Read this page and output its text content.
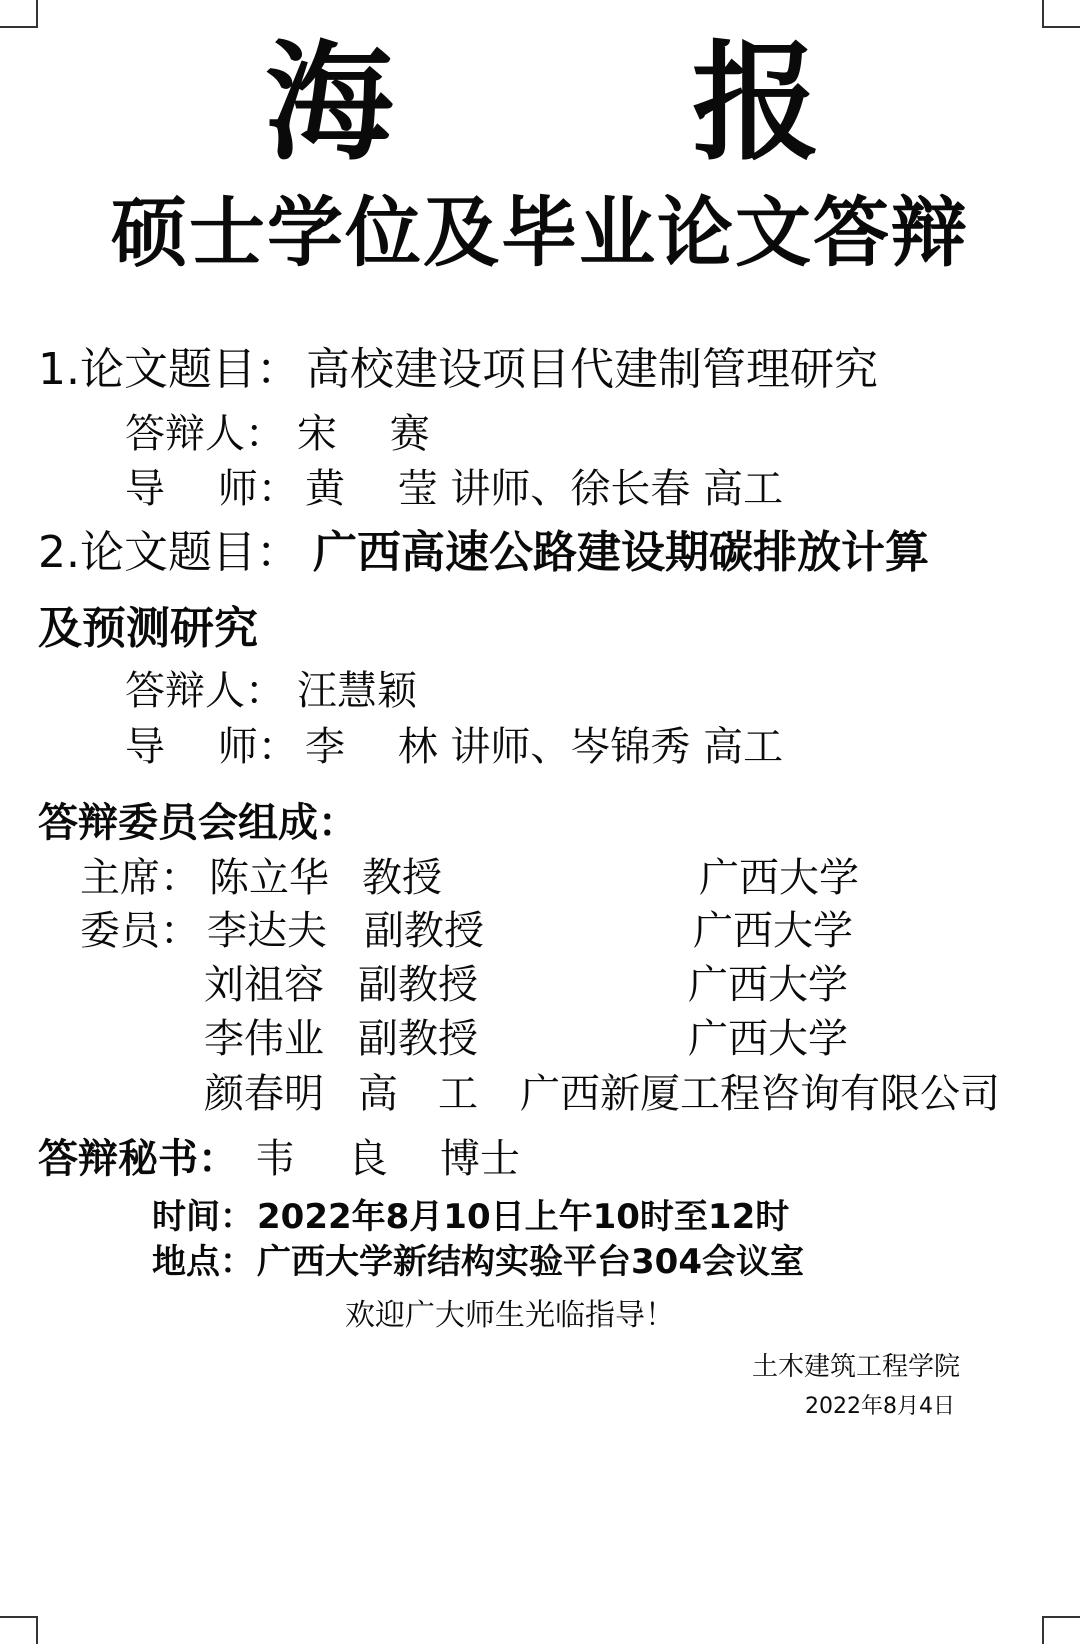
海 报
硕士学位及毕业论文答辩
1.论文题目： 高校建设项目代建制管理研究
答辩人： 宋　 赛
导　 师： 黄　 莹 讲师、徐长春 高工
2.论文题目： 广西高速公路建设期碳排放计算
及预测研究
答辩人： 汪慧颖
导　 师： 李　 林 讲师、岑锦秀 高工
答辩委员会组成：
主席： 陈立华 教授	广西大学
委员： 李达夫 副教授	广西大学
刘祖容 副教授	广西大学
李伟业 副教授	广西大学
颜春明 高　工 广西新厦工程咨询有限公司
答辩秘书： 韦　 良 博士
时间： 2022年8月10日上午10时至12时
地点： 广西大学新结构实验平台304会议室
欢迎广大师生光临指导！
土木建筑工程学院
2022年8月4日
